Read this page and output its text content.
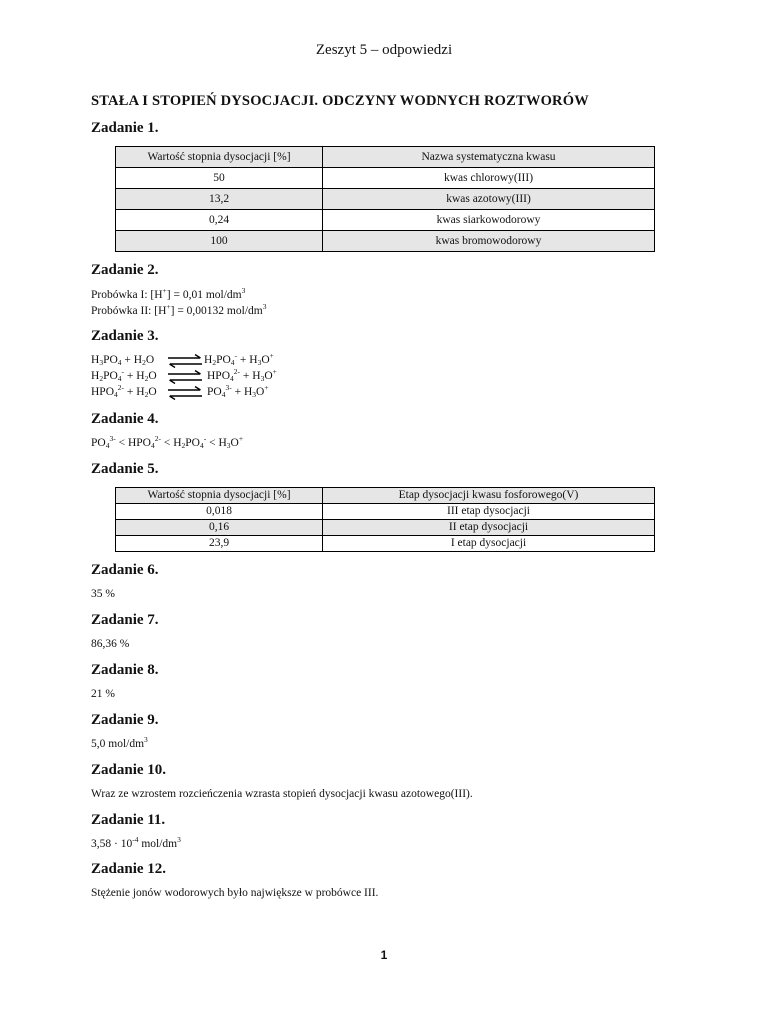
Zeszyt 5 – odpowiedzi
STAŁA I STOPIEŃ DYSOCJACJI. ODCZYNY WODNYCH ROZTWORÓW
Zadanie 1.
Wartość stopnia dysocjacji [%]	Nazwa systematyczna kwasu
50	kwas chlorowy(III)
13,2	kwas azotowy(III)
0,24	kwas siarkowodorowy
100	kwas bromowodorowy
Zadanie 2.
Probówka I: [H+] = 0,01 mol/$dm^3$
Probówka II: [H+] = 0,00132 mol/$dm^3$
Zadanie 3.
$H_3PO_4 + H_2O$ ⇌ $H_2PO_4^- + H_3O^+$
$H_2PO_4^- + H_2O$ ⇌ $HPO_4^{2-} + H_3O^+$
$HPO_4^{2-} + H_2O$ ⇌ $PO_4^{3-} + H_3O^+$
Zadanie 4.
$PO_4^{3-} < HPO_4^{2-} < H_2PO_4^- < H_3O^+$
Zadanie 5.
Wartość stopnia dysocjacji [%]	Etap dysocjacji kwasu fosforowego(V)
0,018	III etap dysocjacji
0,16	II etap dysocjacji
23,9	I etap dysocjacji
Zadanie 6.
35 %
Zadanie 7.
86,36 %
Zadanie 8.
21 %
Zadanie 9.
5,0 mol/$dm^3$
Zadanie 10.
Wraz ze wzrostem rozcieńczenia wzrasta stopień dysocjacji kwasu azotowego(III).
Zadanie 11.
$3,58 \cdot 10^{-4}$ mol/$dm^3$
Zadanie 12.
Stężenie jonów wodorowych było największe w probówce III.
1
